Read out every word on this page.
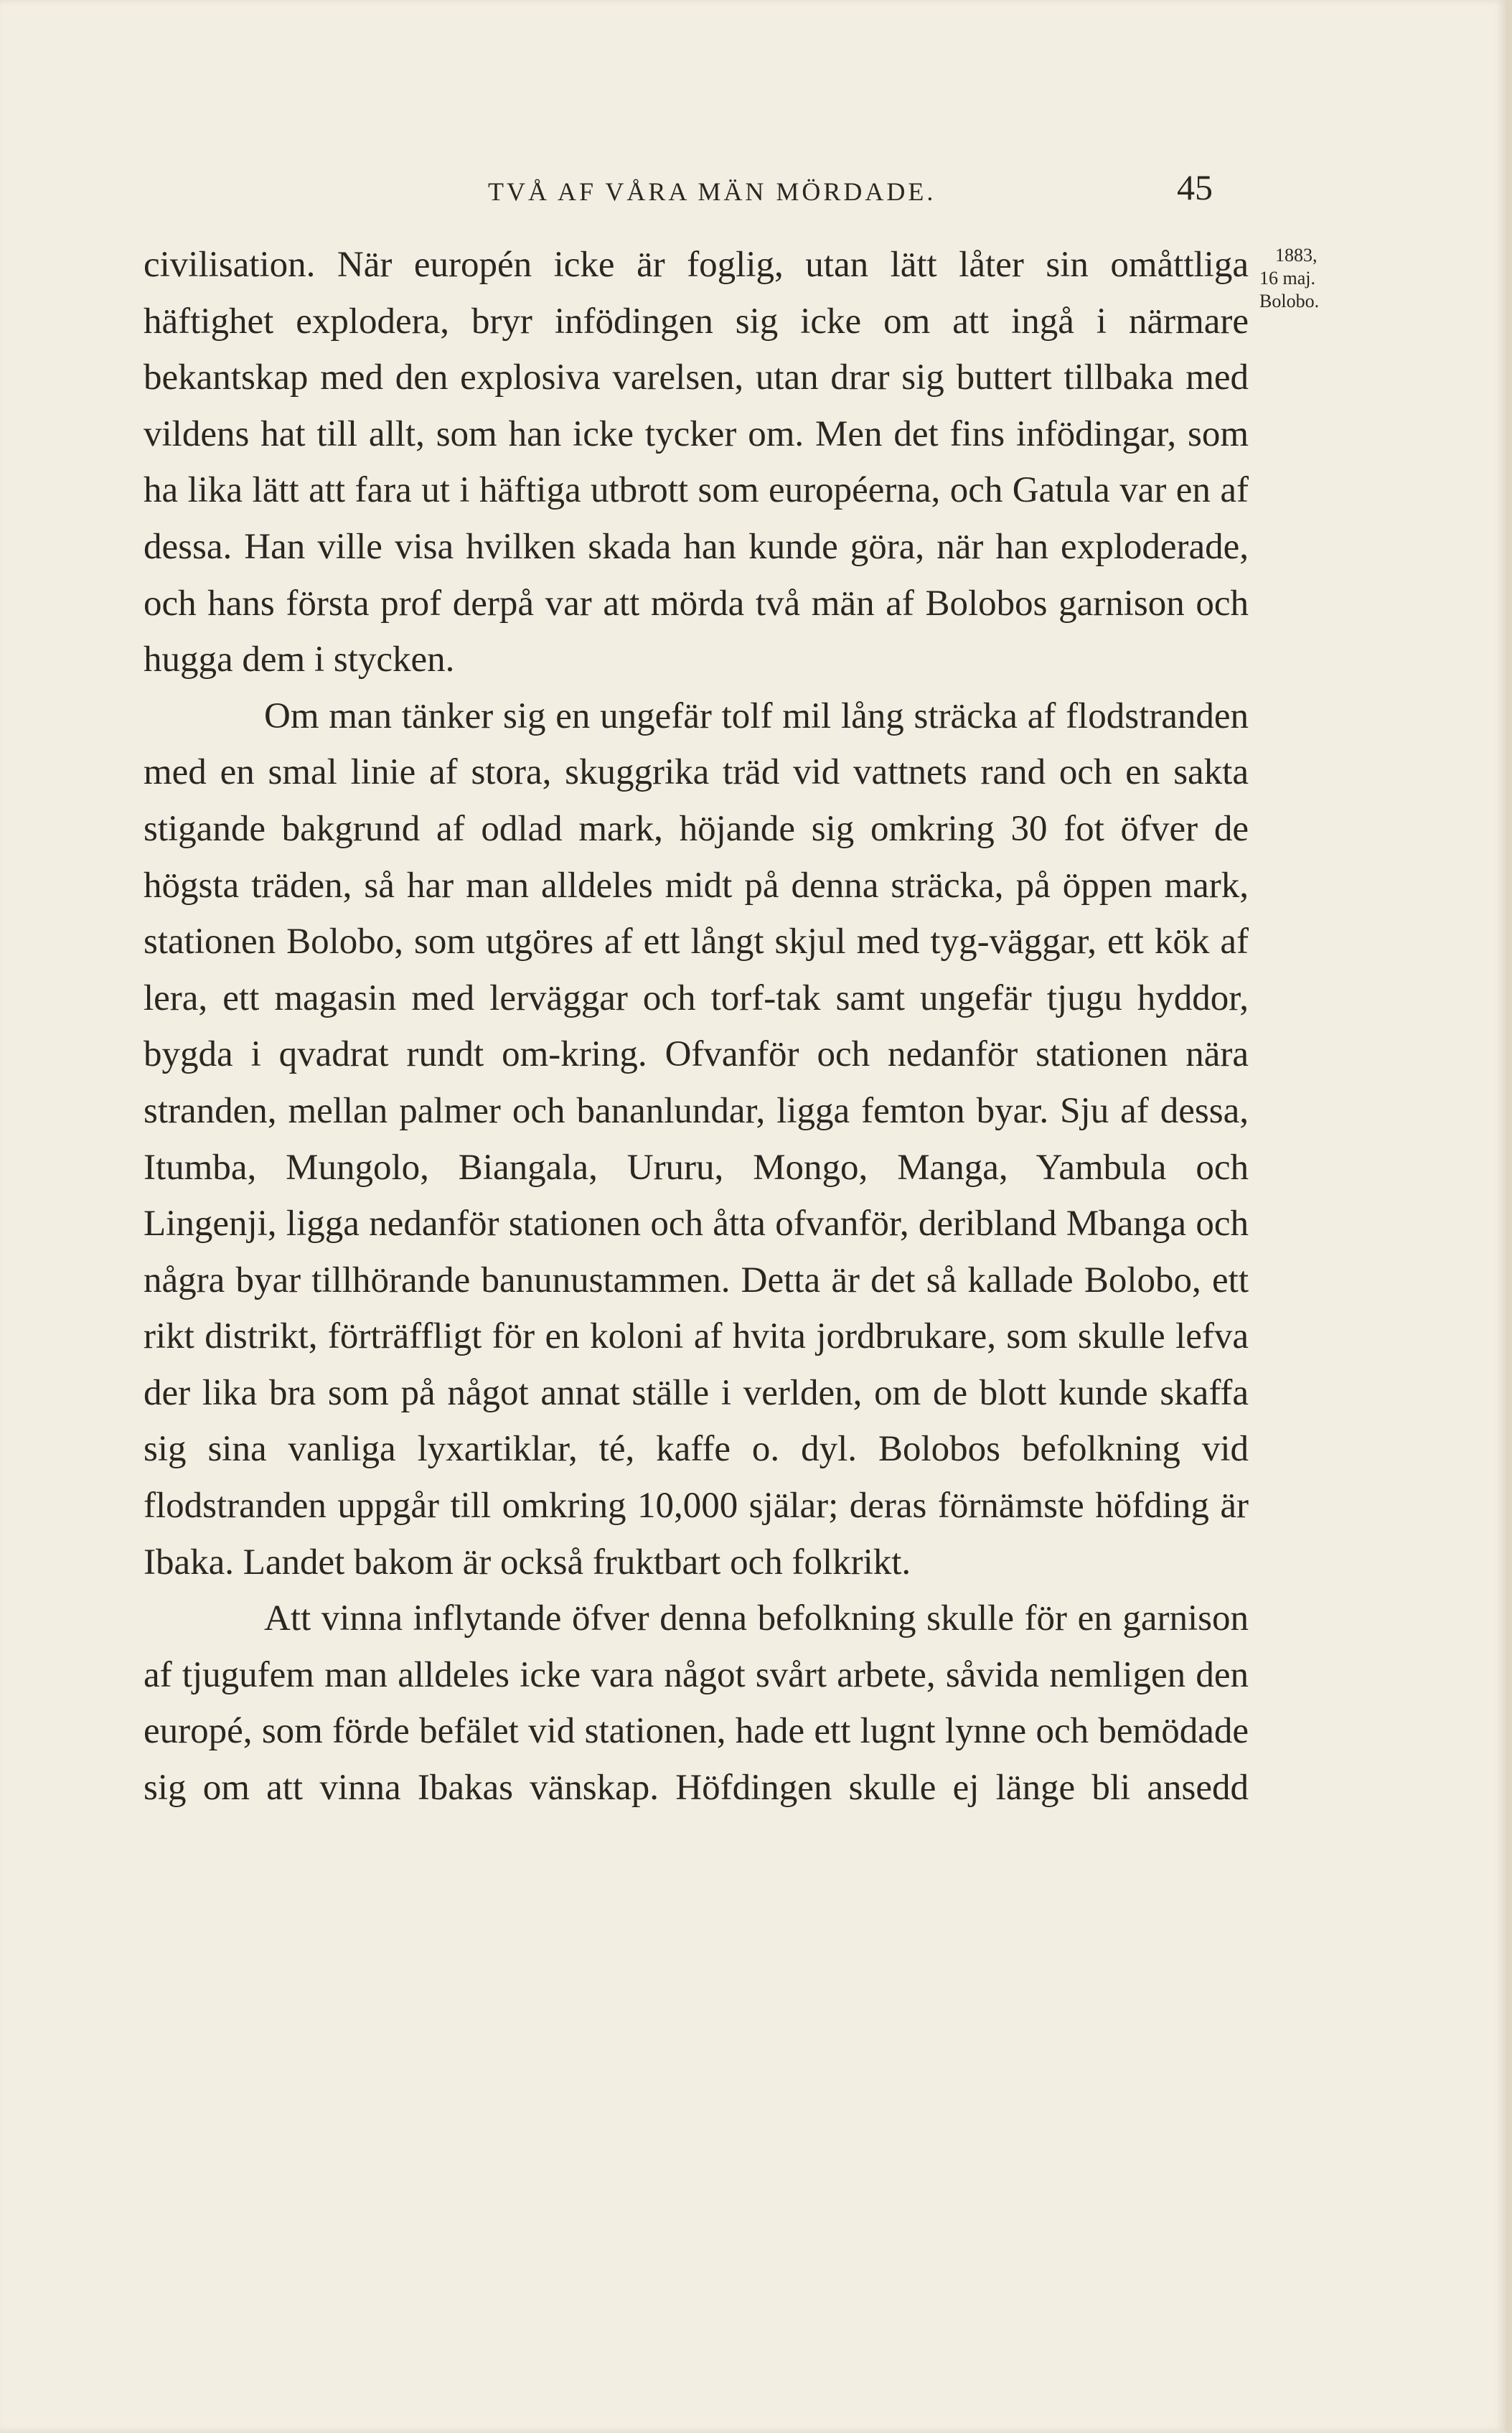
TVÅ AF VÅRA MÄN MÖRDADE.	45
1883,
16 maj.
Bolobo.

civilisation. När europén icke är foglig, utan lätt låter sin omåttliga häftighet explodera, bryr infödingen sig icke om att ingå i närmare bekantskap med den explosiva varelsen, utan drar sig buttert tillbaka med vildens hat till allt, som han icke tycker om. Men det fins infödingar, som ha lika lätt att fara ut i häftiga utbrott som européerna, och Gatula var en af dessa. Han ville visa hvilken skada han kunde göra, när han exploderade, och hans första prof derpå var att mörda två män af Bolobos garnison och hugga dem i stycken.

Om man tänker sig en ungefär tolf mil lång sträcka af flodstranden med en smal linie af stora, skuggrika träd vid vattnets rand och en sakta stigande bakgrund af odlad mark, höjande sig omkring 30 fot öfver de högsta träden, så har man alldeles midt på denna sträcka, på öppen mark, stationen Bolobo, som utgöres af ett långt skjul med tyg-väggar, ett kök af lera, ett magasin med lerväggar och torf-tak samt ungefär tjugu hyddor, bygda i qvadrat rundt om-kring. Ofvanför och nedanför stationen nära stranden, mellan palmer och bananlundar, ligga femton byar. Sju af dessa, Itumba, Mungolo, Biangala, Ururu, Mongo, Manga, Yambula och Lingenji, ligga nedanför stationen och åtta ofvanför, deribland Mbanga och några byar tillhörande banunustammen. Detta är det så kallade Bolobo, ett rikt distrikt, förträffligt för en koloni af hvita jordbrukare, som skulle lefva der lika bra som på något annat ställe i verlden, om de blott kunde skaffa sig sina vanliga lyxartiklar, té, kaffe o. dyl. Bolobos befolkning vid flodstranden uppgår till omkring 10,000 själar; deras förnämste höfding är Ibaka. Landet bakom är också fruktbart och folkrikt.

Att vinna inflytande öfver denna befolkning skulle för en garnison af tjugufem man alldeles icke vara något svårt arbete, såvida nemligen den europé, som förde befälet vid stationen, hade ett lugnt lynne och bemödade sig om att vinna Ibakas vänskap. Höfdingen skulle ej länge bli ansedd
